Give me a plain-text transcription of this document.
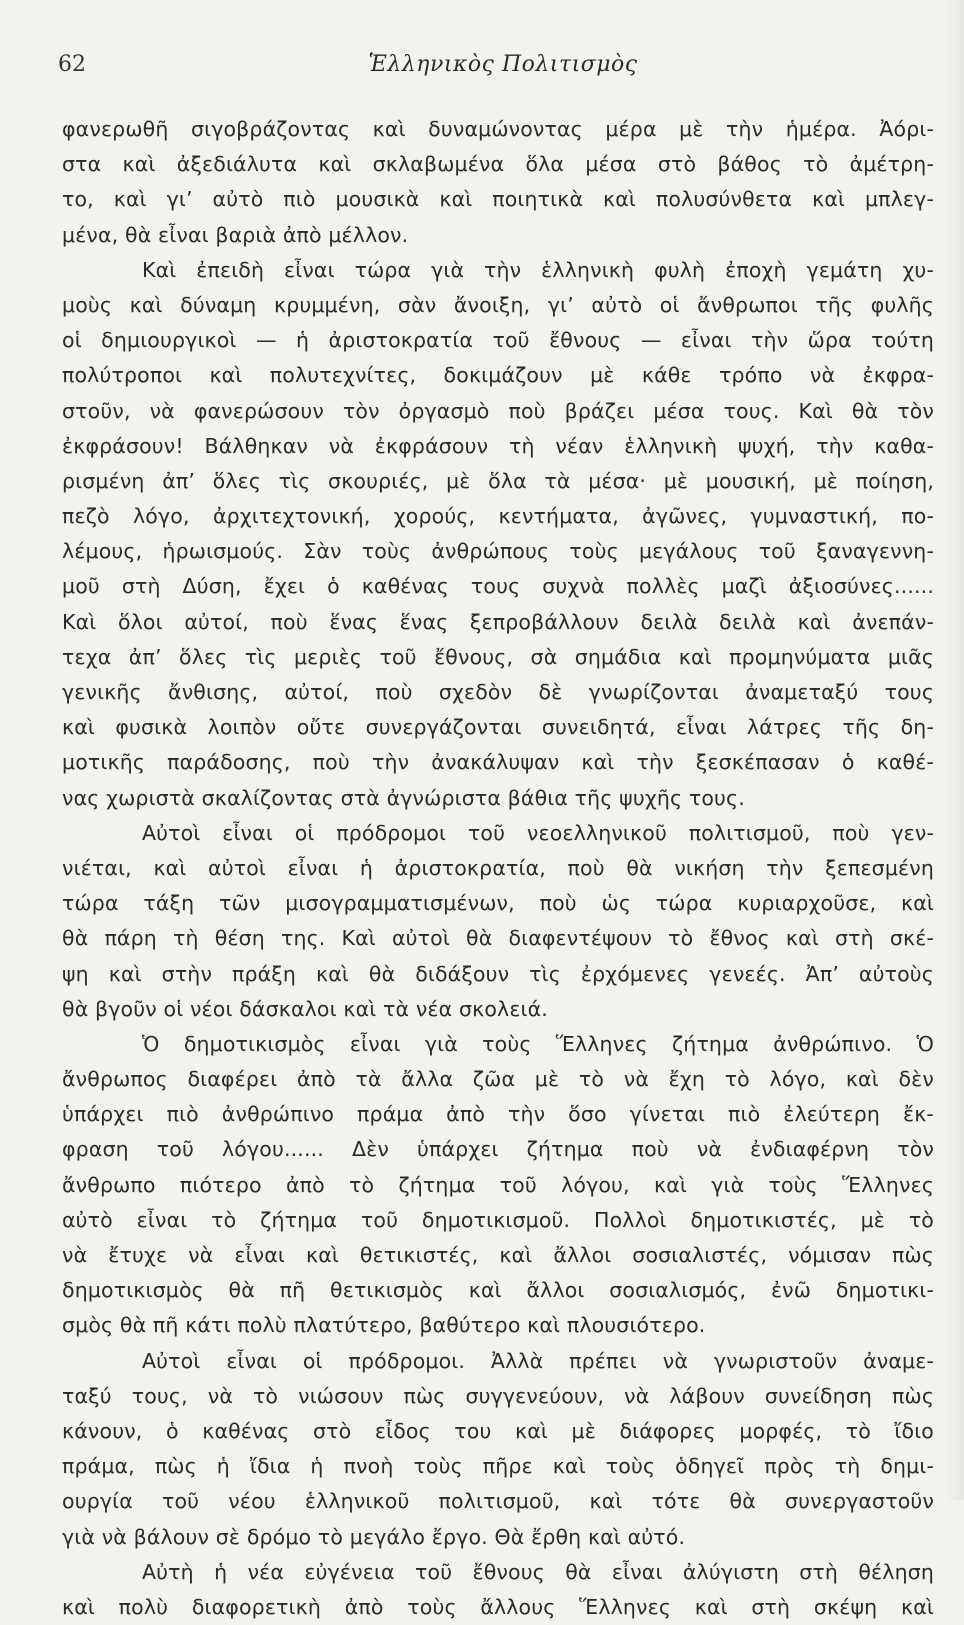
62	Ἑλληνικὸς Πολιτισμὸς
φανερωθῆ σιγοβράζοντας καὶ δυναμώνοντας μέρα μὲ τὴν ἡμέρα. Ἀόρι-
στα καὶ ἀξεδιάλυτα καὶ σκλαβωμένα ὅλα μέσα στὸ βάθος τὸ ἀμέτρη-
το, καὶ γι’ αὐτὸ πιὸ μουσικὰ καὶ ποιητικὰ καὶ πολυσύνθετα καὶ μπλεγ-
μένα, θὰ εἶναι βαριὰ ἀπὸ μέλλον.
Καὶ ἐπειδὴ εἶναι τώρα γιὰ τὴν ἑλληνικὴ φυλὴ ἐποχὴ γεμάτη χυ-
μοὺς καὶ δύναμη κρυμμένη, σὰν ἄνοιξη, γι’ αὐτὸ οἱ ἄνθρωποι τῆς φυλῆς
οἱ δημιουργικοὶ — ἡ ἀριστοκρατία τοῦ ἔθνους — εἶναι τὴν ὥρα τούτη
πολύτροποι καὶ πολυτεχνίτες, δοκιμάζουν μὲ κάθε τρόπο νὰ ἐκφρα-
στοῦν, νὰ φανερώσουν τὸν ὀργασμὸ ποὺ βράζει μέσα τους. Καὶ θὰ τὸν
ἐκφράσουν! Βάλθηκαν νὰ ἐκφράσουν τὴ νέαν ἑλληνικὴ ψυχή, τὴν καθα-
ρισμένη ἀπ’ ὅλες τὶς σκουριές, μὲ ὅλα τὰ μέσα· μὲ μουσική, μὲ ποίηση,
πεζὸ λόγο, ἀρχιτεχτονική, χορούς, κεντήματα, ἀγῶνες, γυμναστική, πο-
λέμους, ἡρωισμούς. Σὰν τοὺς ἀνθρώπους τοὺς μεγάλους τοῦ ξαναγεννη-
μοῦ στὴ Δύση, ἔχει ὁ καθένας τους συχνὰ πολλὲς μαζὶ ἀξιοσύνες......
Καὶ ὅλοι αὐτοί, ποὺ ἕνας ἕνας ξεπροβάλλουν δειλὰ δειλὰ καὶ ἀνεπάν-
τεχα ἀπ’ ὅλες τὶς μεριὲς τοῦ ἔθνους, σὰ σημάδια καὶ προμηνύματα μιᾶς
γενικῆς ἄνθισης, αὐτοί, ποὺ σχεδὸν δὲ γνωρίζονται ἀναμεταξύ τους
καὶ φυσικὰ λοιπὸν οὔτε συνεργάζονται συνειδητά, εἶναι λάτρες τῆς δη-
μοτικῆς παράδοσης, ποὺ τὴν ἀνακάλυψαν καὶ τὴν ξεσκέπασαν ὁ καθέ-
νας χωριστὰ σκαλίζοντας στὰ ἀγνώριστα βάθια τῆς ψυχῆς τους.
Αὐτοὶ εἶναι οἱ πρόδρομοι τοῦ νεοελληνικοῦ πολιτισμοῦ, ποὺ γεν-
νιέται, καὶ αὐτοὶ εἶναι ἡ ἀριστοκρατία, ποὺ θὰ νικήση τὴν ξεπεσμένη
τώρα τάξη τῶν μισογραμματισμένων, ποὺ ὡς τώρα κυριαρχοῦσε, καὶ
θὰ πάρη τὴ θέση της. Καὶ αὐτοὶ θὰ διαφεντέψουν τὸ ἔθνος καὶ στὴ σκέ-
ψη καὶ στὴν πράξη καὶ θὰ διδάξουν τὶς ἐρχόμενες γενεές. Ἀπ’ αὐτοὺς
θὰ βγοῦν οἱ νέοι δάσκαλοι καὶ τὰ νέα σκολειά.
Ὁ δημοτικισμὸς εἶναι γιὰ τοὺς Ἕλληνες ζήτημα ἀνθρώπινο. Ὁ
ἄνθρωπος διαφέρει ἀπὸ τὰ ἄλλα ζῶα μὲ τὸ νὰ ἔχη τὸ λόγο, καὶ δὲν
ὑπάρχει πιὸ ἀνθρώπινο πράμα ἀπὸ τὴν ὅσο γίνεται πιὸ ἐλεύτερη ἔκ-
φραση τοῦ λόγου...... Δὲν ὑπάρχει ζήτημα ποὺ νὰ ἐνδιαφέρνη τὸν
ἄνθρωπο πιότερο ἀπὸ τὸ ζήτημα τοῦ λόγου, καὶ γιὰ τοὺς Ἕλληνες
αὐτὸ εἶναι τὸ ζήτημα τοῦ δημοτικισμοῦ. Πολλοὶ δημοτικιστές, μὲ τὸ
νὰ ἔτυχε νὰ εἶναι καὶ θετικιστές, καὶ ἄλλοι σοσιαλιστές, νόμισαν πὼς
δημοτικισμὸς θὰ πῆ θετικισμὸς καὶ ἄλλοι σοσιαλισμός, ἐνῶ δημοτικι-
σμὸς θὰ πῆ κάτι πολὺ πλατύτερο, βαθύτερο καὶ πλουσιότερο.
Αὐτοὶ εἶναι οἱ πρόδρομοι. Ἀλλὰ πρέπει νὰ γνωριστοῦν ἀναμε-
ταξύ τους, νὰ τὸ νιώσουν πὼς συγγενεύουν, νὰ λάβουν συνείδηση πὼς
κάνουν, ὁ καθένας στὸ εἶδος του καὶ μὲ διάφορες μορφές, τὸ ἴδιο
πράμα, πὼς ἡ ἴδια ἡ πνοὴ τοὺς πῆρε καὶ τοὺς ὁδηγεῖ πρὸς τὴ δημι-
ουργία τοῦ νέου ἑλληνικοῦ πολιτισμοῦ, καὶ τότε θὰ συνεργαστοῦν
γιὰ νὰ βάλουν σὲ δρόμο τὸ μεγάλο ἔργο. Θὰ ἔρθη καὶ αὐτό.
Αὐτὴ ἡ νέα εὐγένεια τοῦ ἔθνους θὰ εἶναι ἀλύγιστη στὴ θέληση
καὶ πολὺ διαφορετικὴ ἀπὸ τοὺς ἄλλους Ἕλληνες καὶ στὴ σκέψη καὶ
